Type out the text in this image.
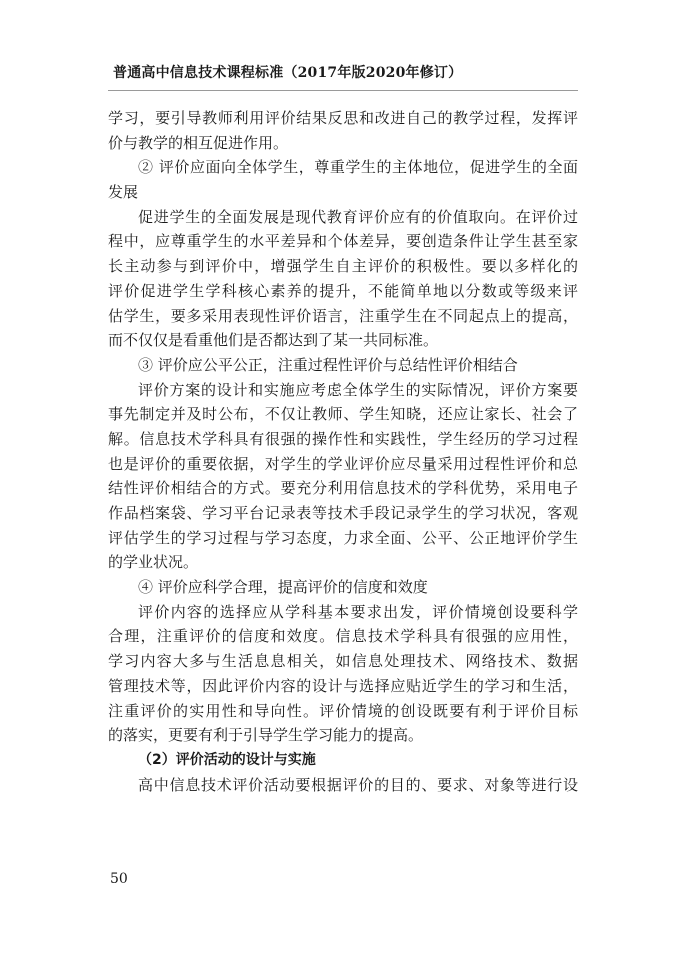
普通高中信息技术课程标准（2017年版2020年修订）
学习，要引导教师利用评价结果反思和改进自己的教学过程，发挥评
价与教学的相互促进作用。
② 评价应面向全体学生，尊重学生的主体地位，促进学生的全面
发展
促进学生的全面发展是现代教育评价应有的价值取向。在评价过
程中，应尊重学生的水平差异和个体差异，要创造条件让学生甚至家
长主动参与到评价中，增强学生自主评价的积极性。要以多样化的
评价促进学生学科核心素养的提升，不能简单地以分数或等级来评
估学生，要多采用表现性评价语言，注重学生在不同起点上的提高，
而不仅仅是看重他们是否都达到了某一共同标准。
③ 评价应公平公正，注重过程性评价与总结性评价相结合
评价方案的设计和实施应考虑全体学生的实际情况，评价方案要
事先制定并及时公布，不仅让教师、学生知晓，还应让家长、社会了
解。信息技术学科具有很强的操作性和实践性，学生经历的学习过程
也是评价的重要依据，对学生的学业评价应尽量采用过程性评价和总
结性评价相结合的方式。要充分利用信息技术的学科优势，采用电子
作品档案袋、学习平台记录表等技术手段记录学生的学习状况，客观
评估学生的学习过程与学习态度，力求全面、公平、公正地评价学生
的学业状况。
④ 评价应科学合理，提高评价的信度和效度
评价内容的选择应从学科基本要求出发，评价情境创设要科学
合理，注重评价的信度和效度。信息技术学科具有很强的应用性，
学习内容大多与生活息息相关，如信息处理技术、网络技术、数据
管理技术等，因此评价内容的设计与选择应贴近学生的学习和生活，
注重评价的实用性和导向性。评价情境的创设既要有利于评价目标
的落实，更要有利于引导学生学习能力的提高。
（2）评价活动的设计与实施
高中信息技术评价活动要根据评价的目的、要求、对象等进行设
50
